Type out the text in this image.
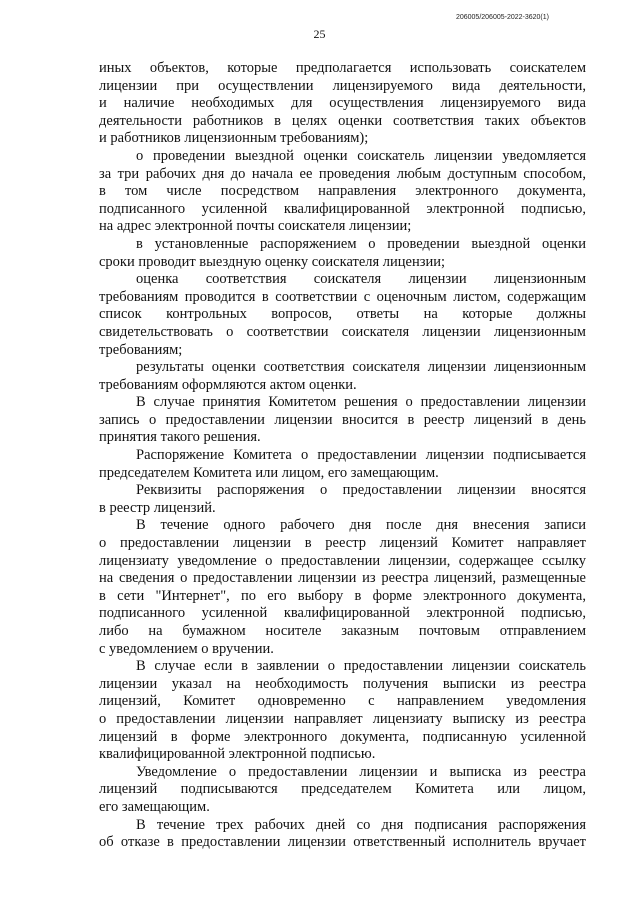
206005/206005-2022-3620(1)
25
иных объектов, которые предполагается использовать соискателем
лицензии при осуществлении лицензируемого вида деятельности,
и наличие необходимых для осуществления лицензируемого вида
деятельности работников в целях оценки соответствия таких объектов
и работников лицензионным требованиям);
о проведении выездной оценки соискатель лицензии уведомляется
за три рабочих дня до начала ее проведения любым доступным способом,
в том числе посредством направления электронного документа,
подписанного усиленной квалифицированной электронной подписью,
на адрес электронной почты соискателя лицензии;
в установленные распоряжением о проведении выездной оценки
сроки проводит выездную оценку соискателя лицензии;
оценка соответствия соискателя лицензии лицензионным
требованиям проводится в соответствии с оценочным листом, содержащим
список контрольных вопросов, ответы на которые должны
свидетельствовать о соответствии соискателя лицензии лицензионным
требованиям;
результаты оценки соответствия соискателя лицензии лицензионным
требованиям оформляются актом оценки.
В случае принятия Комитетом решения о предоставлении лицензии
запись о предоставлении лицензии вносится в реестр лицензий в день
принятия такого решения.
Распоряжение Комитета о предоставлении лицензии подписывается
председателем Комитета или лицом, его замещающим.
Реквизиты распоряжения о предоставлении лицензии вносятся
в реестр лицензий.
В течение одного рабочего дня после дня внесения записи
о предоставлении лицензии в реестр лицензий Комитет направляет
лицензиату уведомление о предоставлении лицензии, содержащее ссылку
на сведения о предоставлении лицензии из реестра лицензий, размещенные
в сети "Интернет", по его выбору в форме электронного документа,
подписанного усиленной квалифицированной электронной подписью,
либо на бумажном носителе заказным почтовым отправлением
с уведомлением о вручении.
В случае если в заявлении о предоставлении лицензии соискатель
лицензии указал на необходимость получения выписки из реестра
лицензий, Комитет одновременно с направлением уведомления
о предоставлении лицензии направляет лицензиату выписку из реестра
лицензий в форме электронного документа, подписанную усиленной
квалифицированной электронной подписью.
Уведомление о предоставлении лицензии и выписка из реестра
лицензий подписываются председателем Комитета или лицом,
его замещающим.
В течение трех рабочих дней со дня подписания распоряжения
об отказе в предоставлении лицензии ответственный исполнитель вручает
